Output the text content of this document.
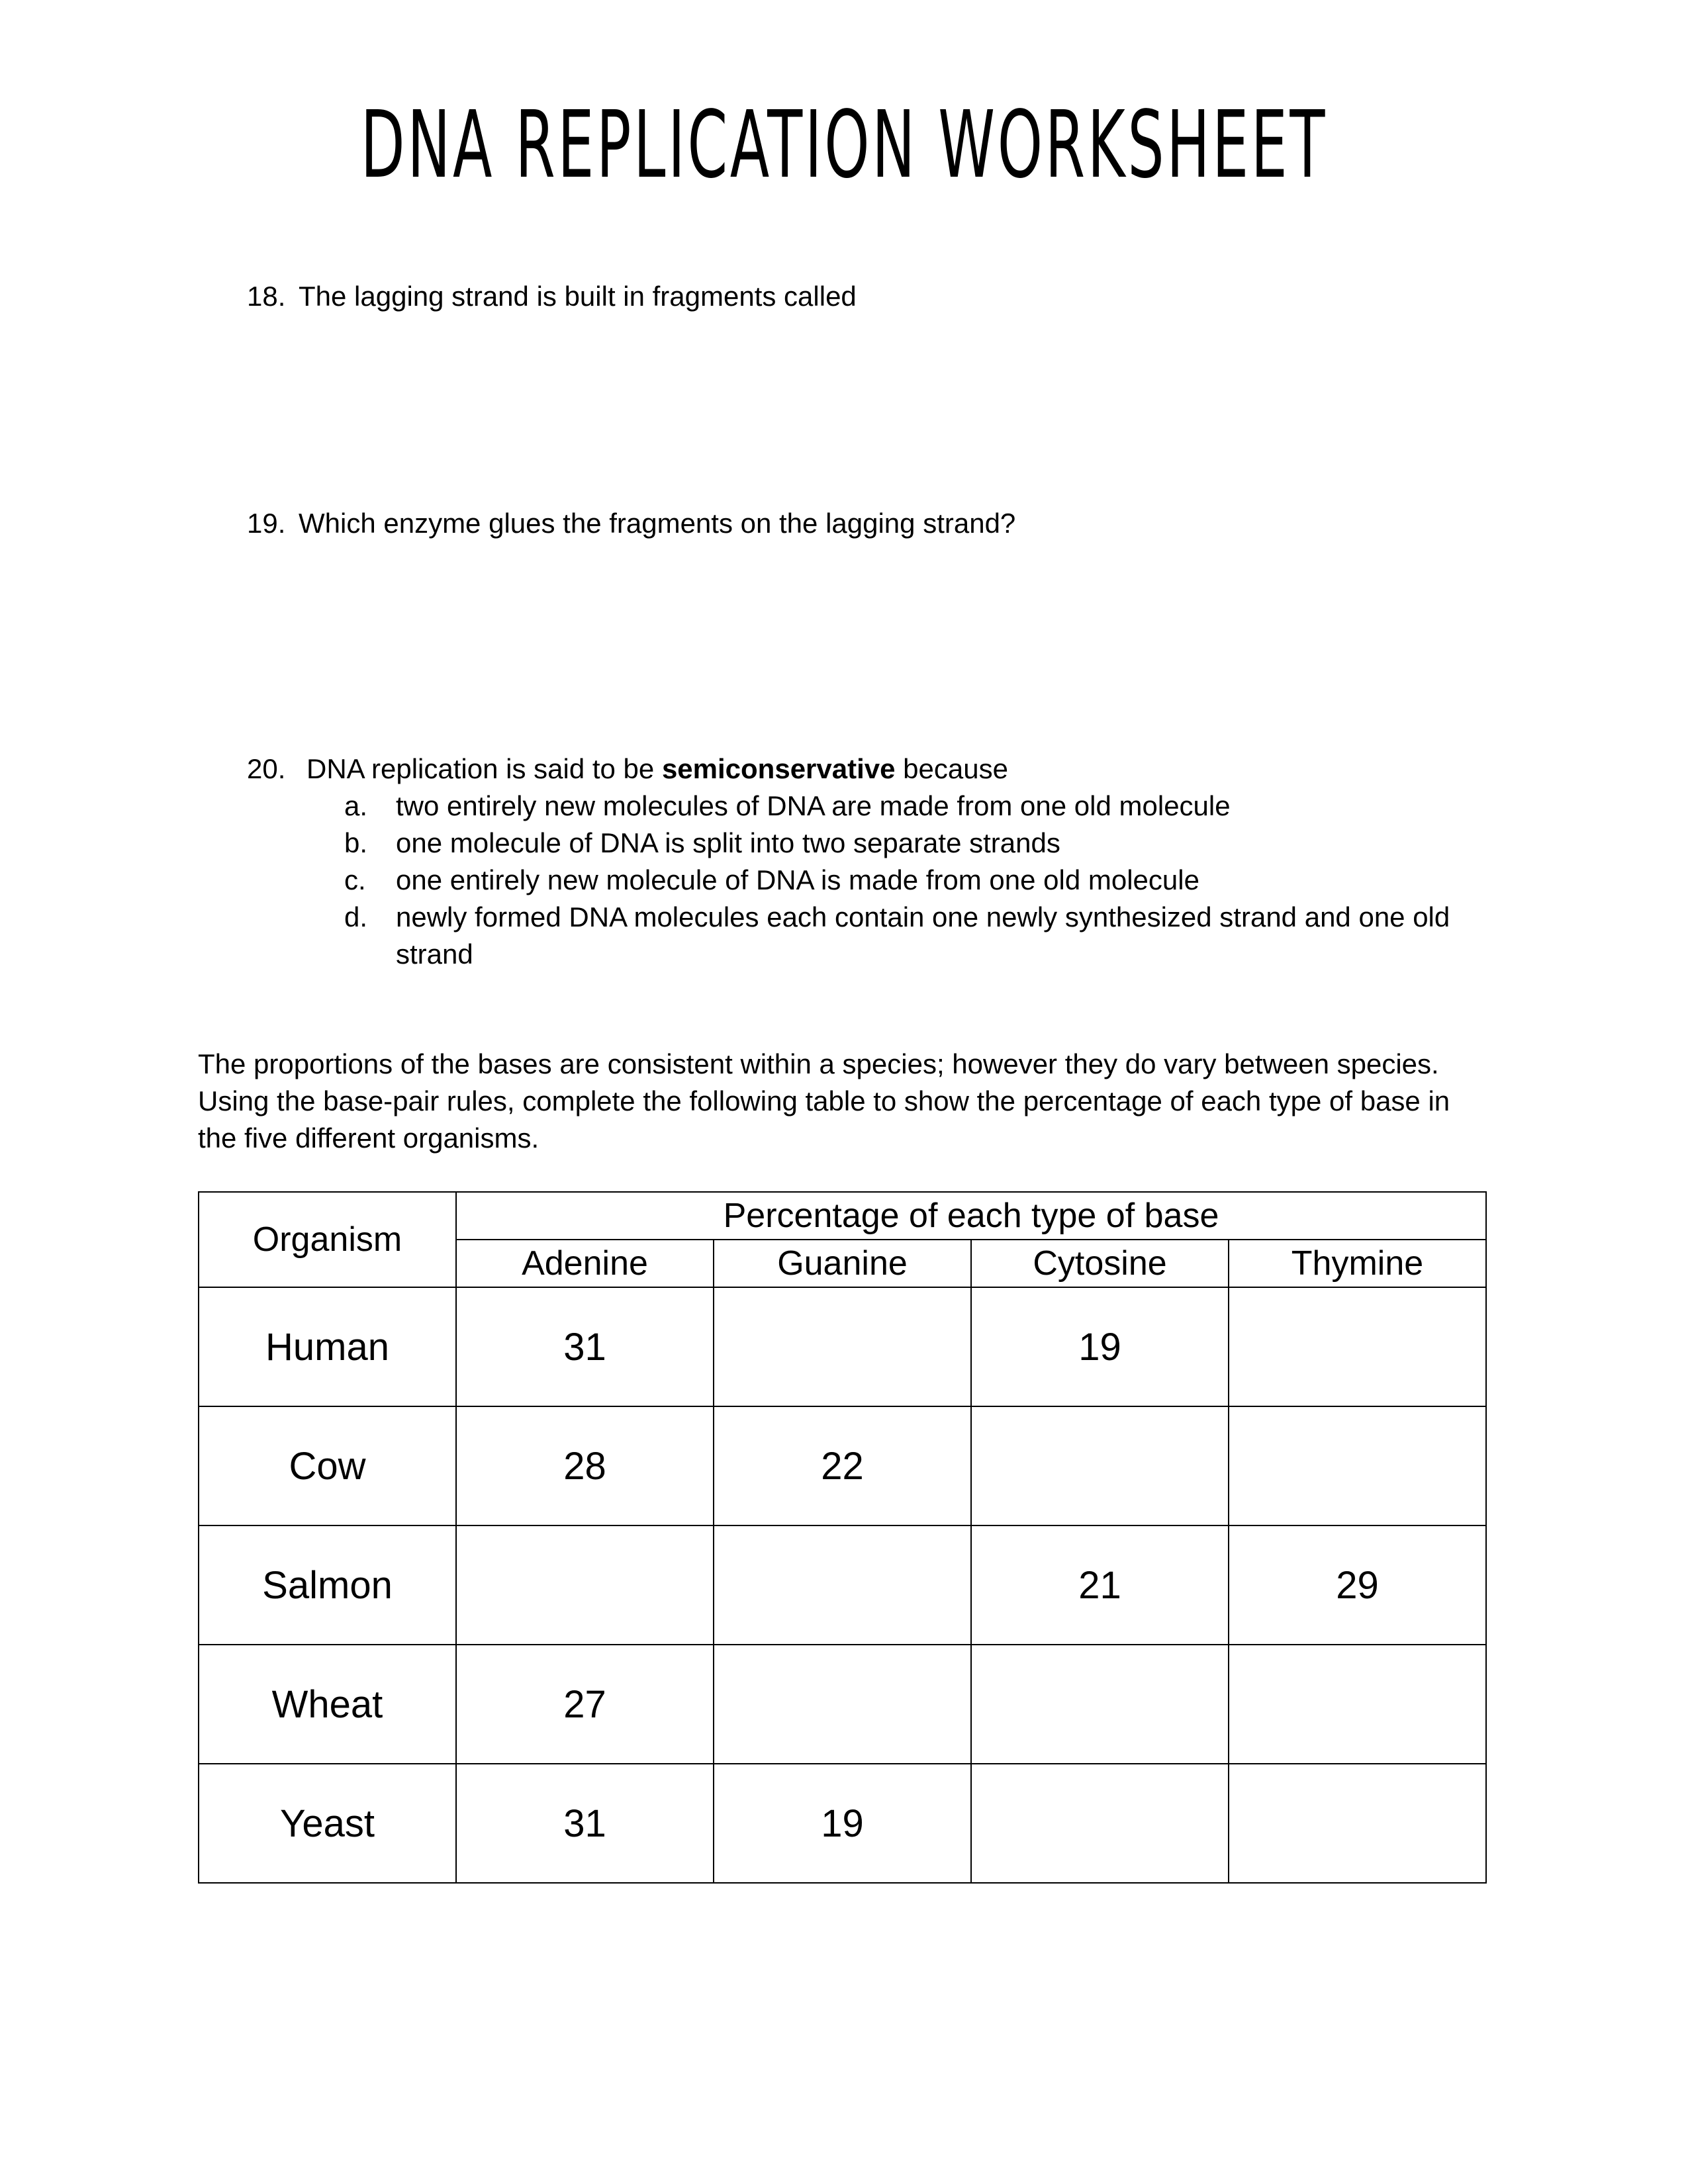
DNA REPLICATION WORKSHEET
18. The lagging strand is built in fragments called
19. Which enzyme glues the fragments on the lagging strand?
20. DNA replication is said to be semiconservative because
a.	two entirely new molecules of DNA are made from one old molecule
b.	one molecule of DNA is split into two separate strands
c.	one entirely new molecule of DNA is made from one old molecule
d.	newly formed DNA molecules each contain one newly synthesized strand and one old strand

The proportions of the bases are consistent within a species; however they do vary between species. Using the base-pair rules, complete the following table to show the percentage of each type of base in the five different organisms.

Organism	Percentage of each type of base			
	Adenine	Guanine	Cytosine	Thymine
Human	31		19	
Cow	28	22		
Salmon			21	29
Wheat	27			
Yeast	31	19		
